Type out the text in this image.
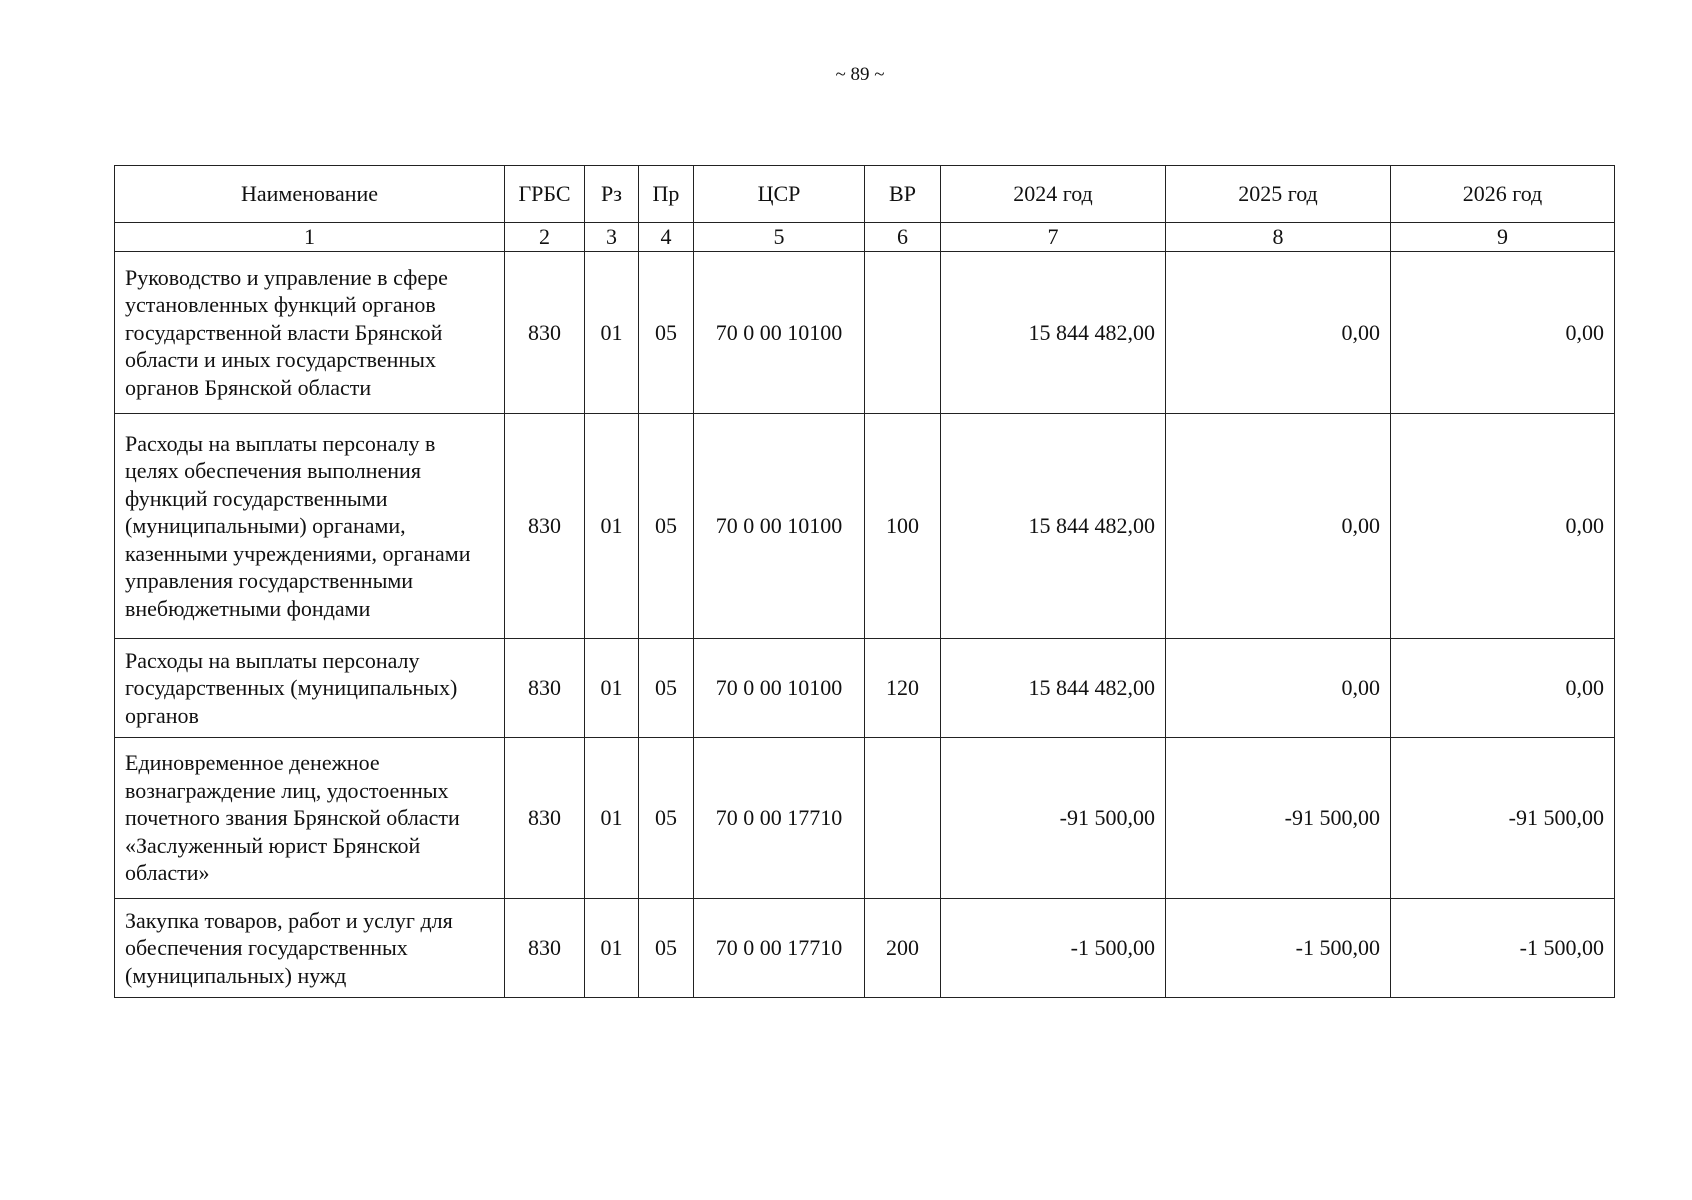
~ 89 ~
Наименование	ГРБС	Рз	Пр	ЦСР	ВР	2024 год	2025 год	2026 год
1	2	3	4	5	6	7	8	9
Руководство и управление в сфере установленных функций органов государственной власти Брянской области и иных государственных органов Брянской области	830	01	05	70 0 00 10100		15 844 482,00	0,00	0,00
Расходы на выплаты персоналу в целях обеспечения выполнения функций государственными (муниципальными) органами, казенными учреждениями, органами управления государственными внебюджетными фондами	830	01	05	70 0 00 10100	100	15 844 482,00	0,00	0,00
Расходы на выплаты персоналу государственных (муниципальных) органов	830	01	05	70 0 00 10100	120	15 844 482,00	0,00	0,00
Единовременное денежное вознаграждение лиц, удостоенных почетного звания Брянской области «Заслуженный юрист Брянской области»	830	01	05	70 0 00 17710		-91 500,00	-91 500,00	-91 500,00
Закупка товаров, работ и услуг для обеспечения государственных (муниципальных) нужд	830	01	05	70 0 00 17710	200	-1 500,00	-1 500,00	-1 500,00
